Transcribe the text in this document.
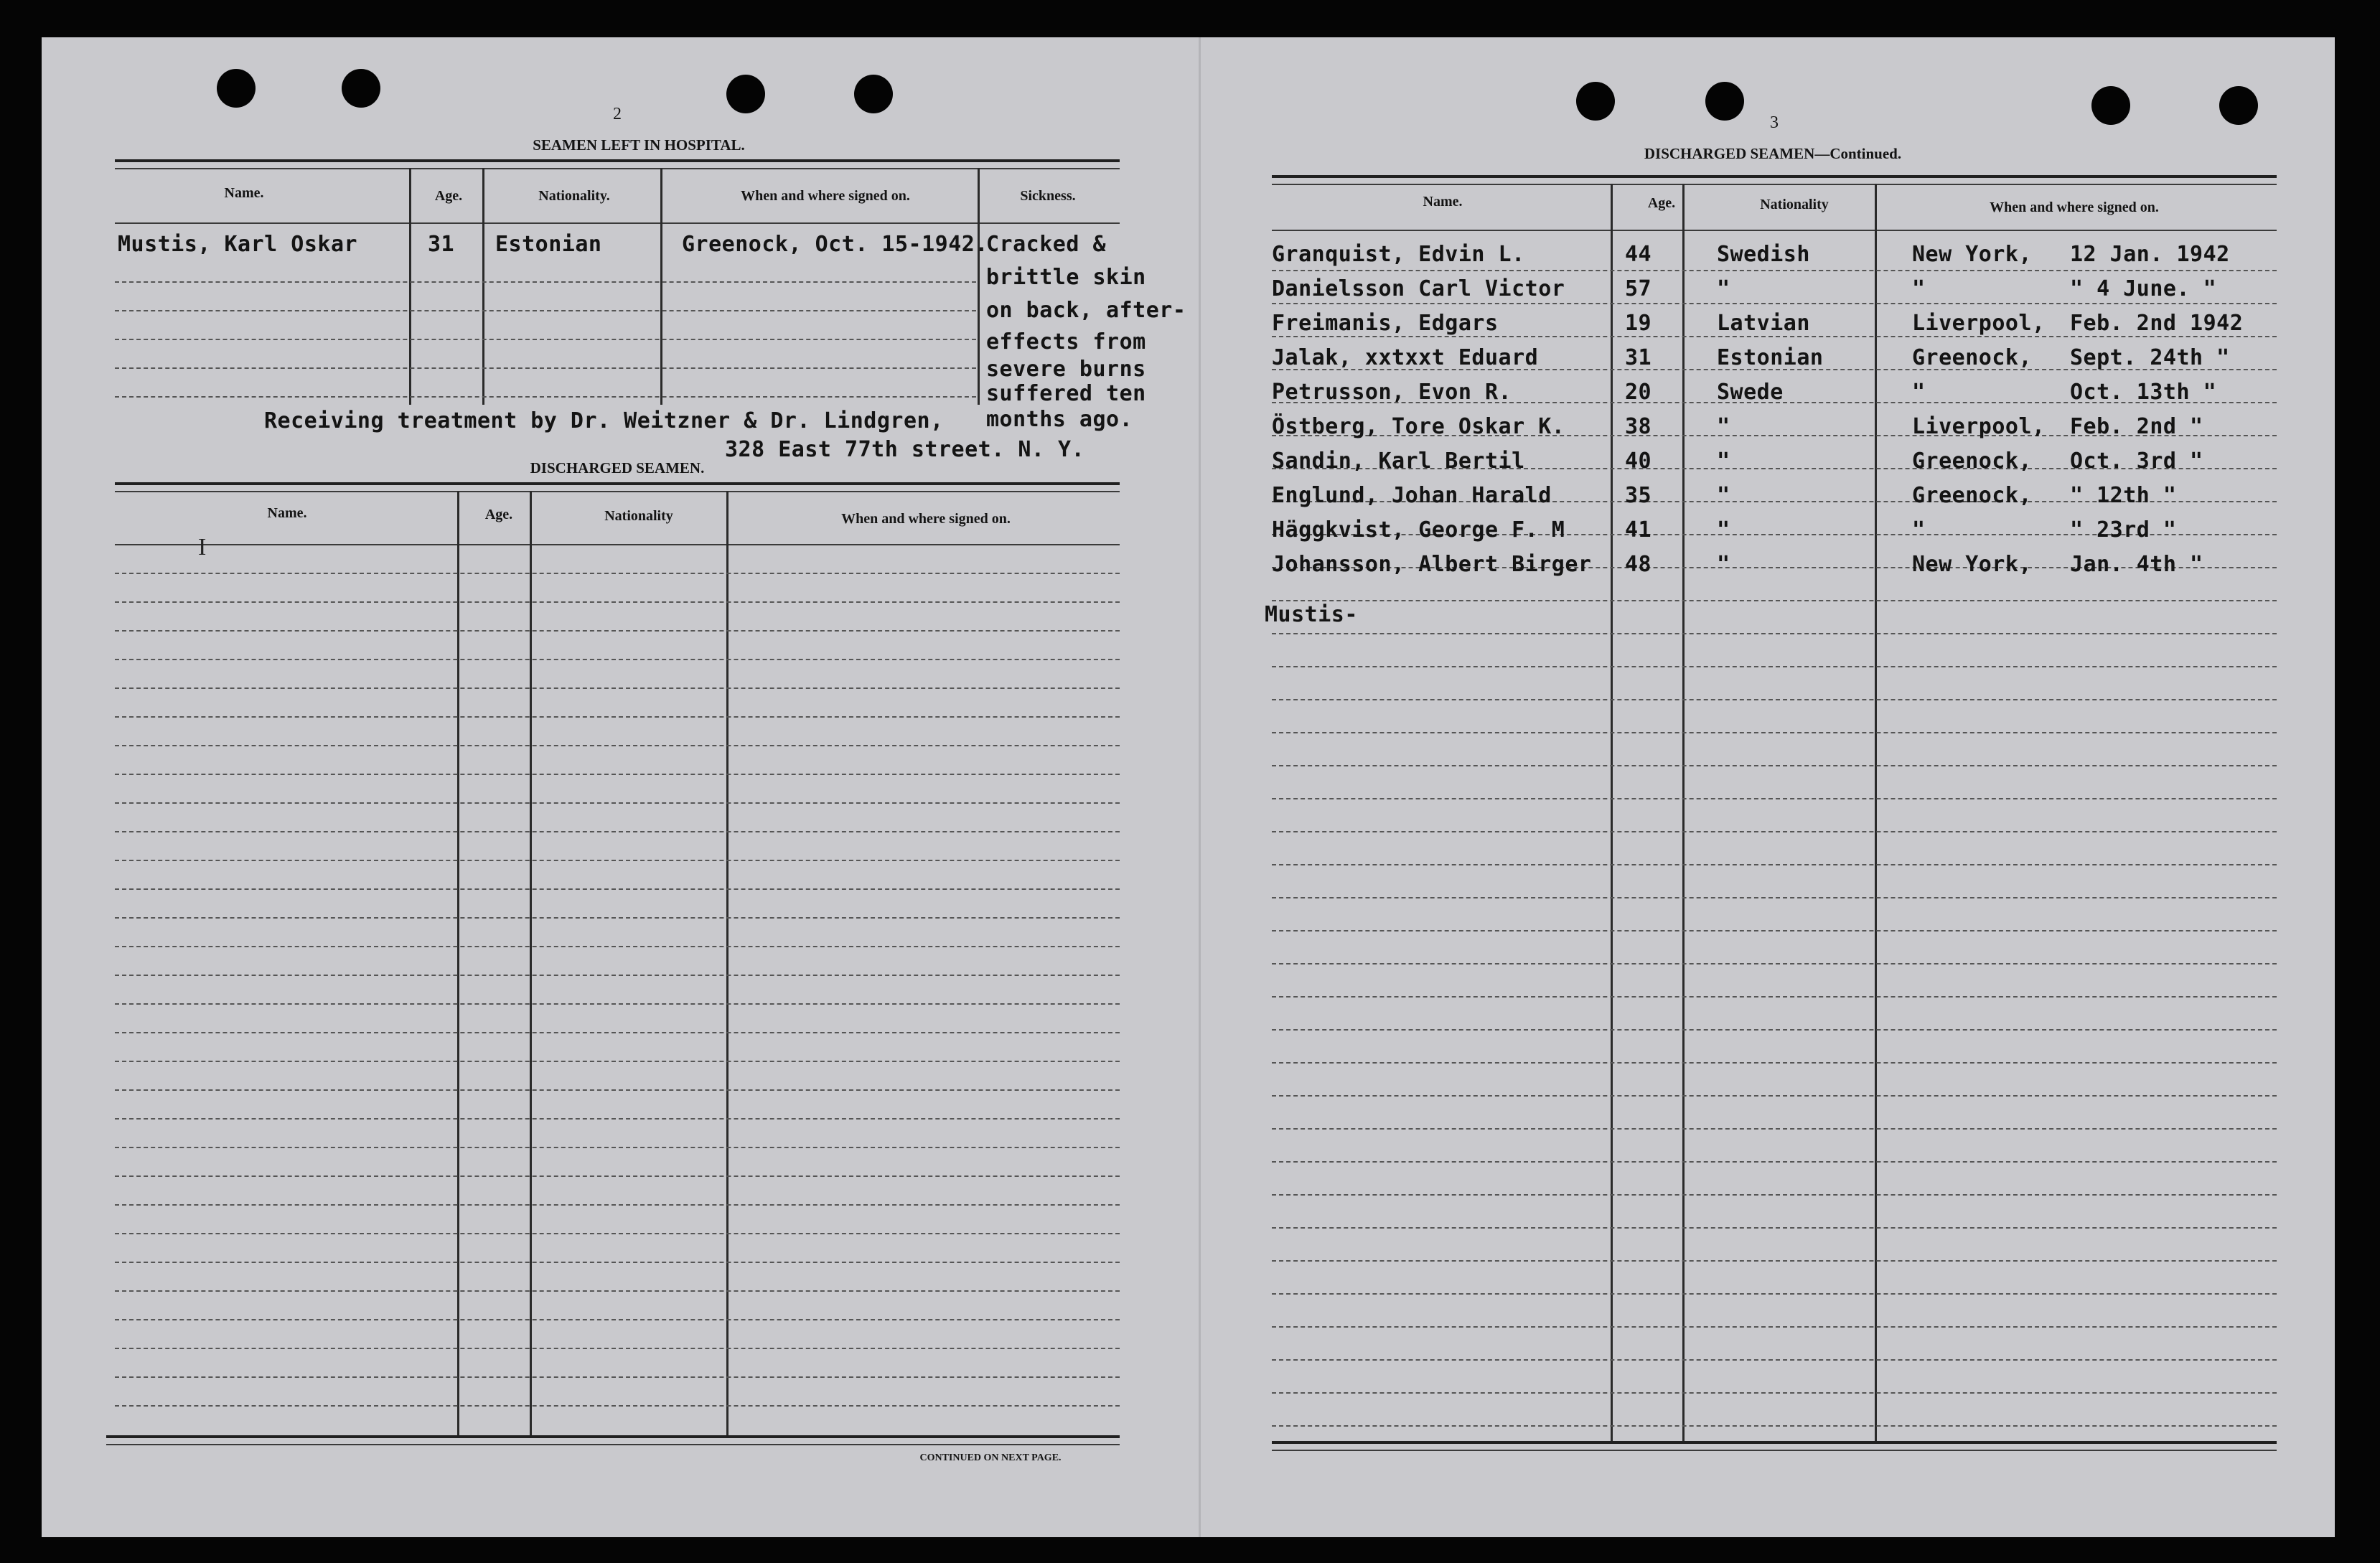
2
SEAMEN LEFT IN HOSPITAL.
Name.	Age.	Nationality.	When and where signed on.	Sickness.
Mustis, Karl Oskar	31 Estonian	Greenock, Oct. 15-1942.
Cracked &
brittle skin
on back, after-
effects from
severe burns
suffered ten
months ago.
Receiving treatment by Dr. Weitzner & Dr. Lindgren,
328 East 77th street. N. Y.
DISCHARGED SEAMEN.
Name.	Age.	Nationality	When and where signed on.
I
CONTINUED ON NEXT PAGE.
3
DISCHARGED SEAMEN—Continued.
Name.	Age.	Nationality	When and where signed on.
Granquist, Edvin L.	44	Swedish	New York, 12 Jan. 1942
Danielsson Carl Victor	57	"	"	" 4 June. "
Freimanis, Edgars	19	Latvian	Liverpool, Feb. 2nd 1942
Jalak, xxtxxt Eduard	31	Estonian	Greenock, Sept. 24th "
Petrusson, Evon R.	20	Swede	"	Oct. 13th "
Östberg, Tore Oskar K.	38	"	Liverpool, Feb. 2nd "
Sandin, Karl Bertil	40	"	Greenock, Oct. 3rd "
Englund, Johan Harald	35	"	Greenock, " 12th "
Häggkvist, George F. M	41	"	"	" 23rd "
Johansson, Albert Birger 48	"	New York, Jan. 4th "
Mustis-
